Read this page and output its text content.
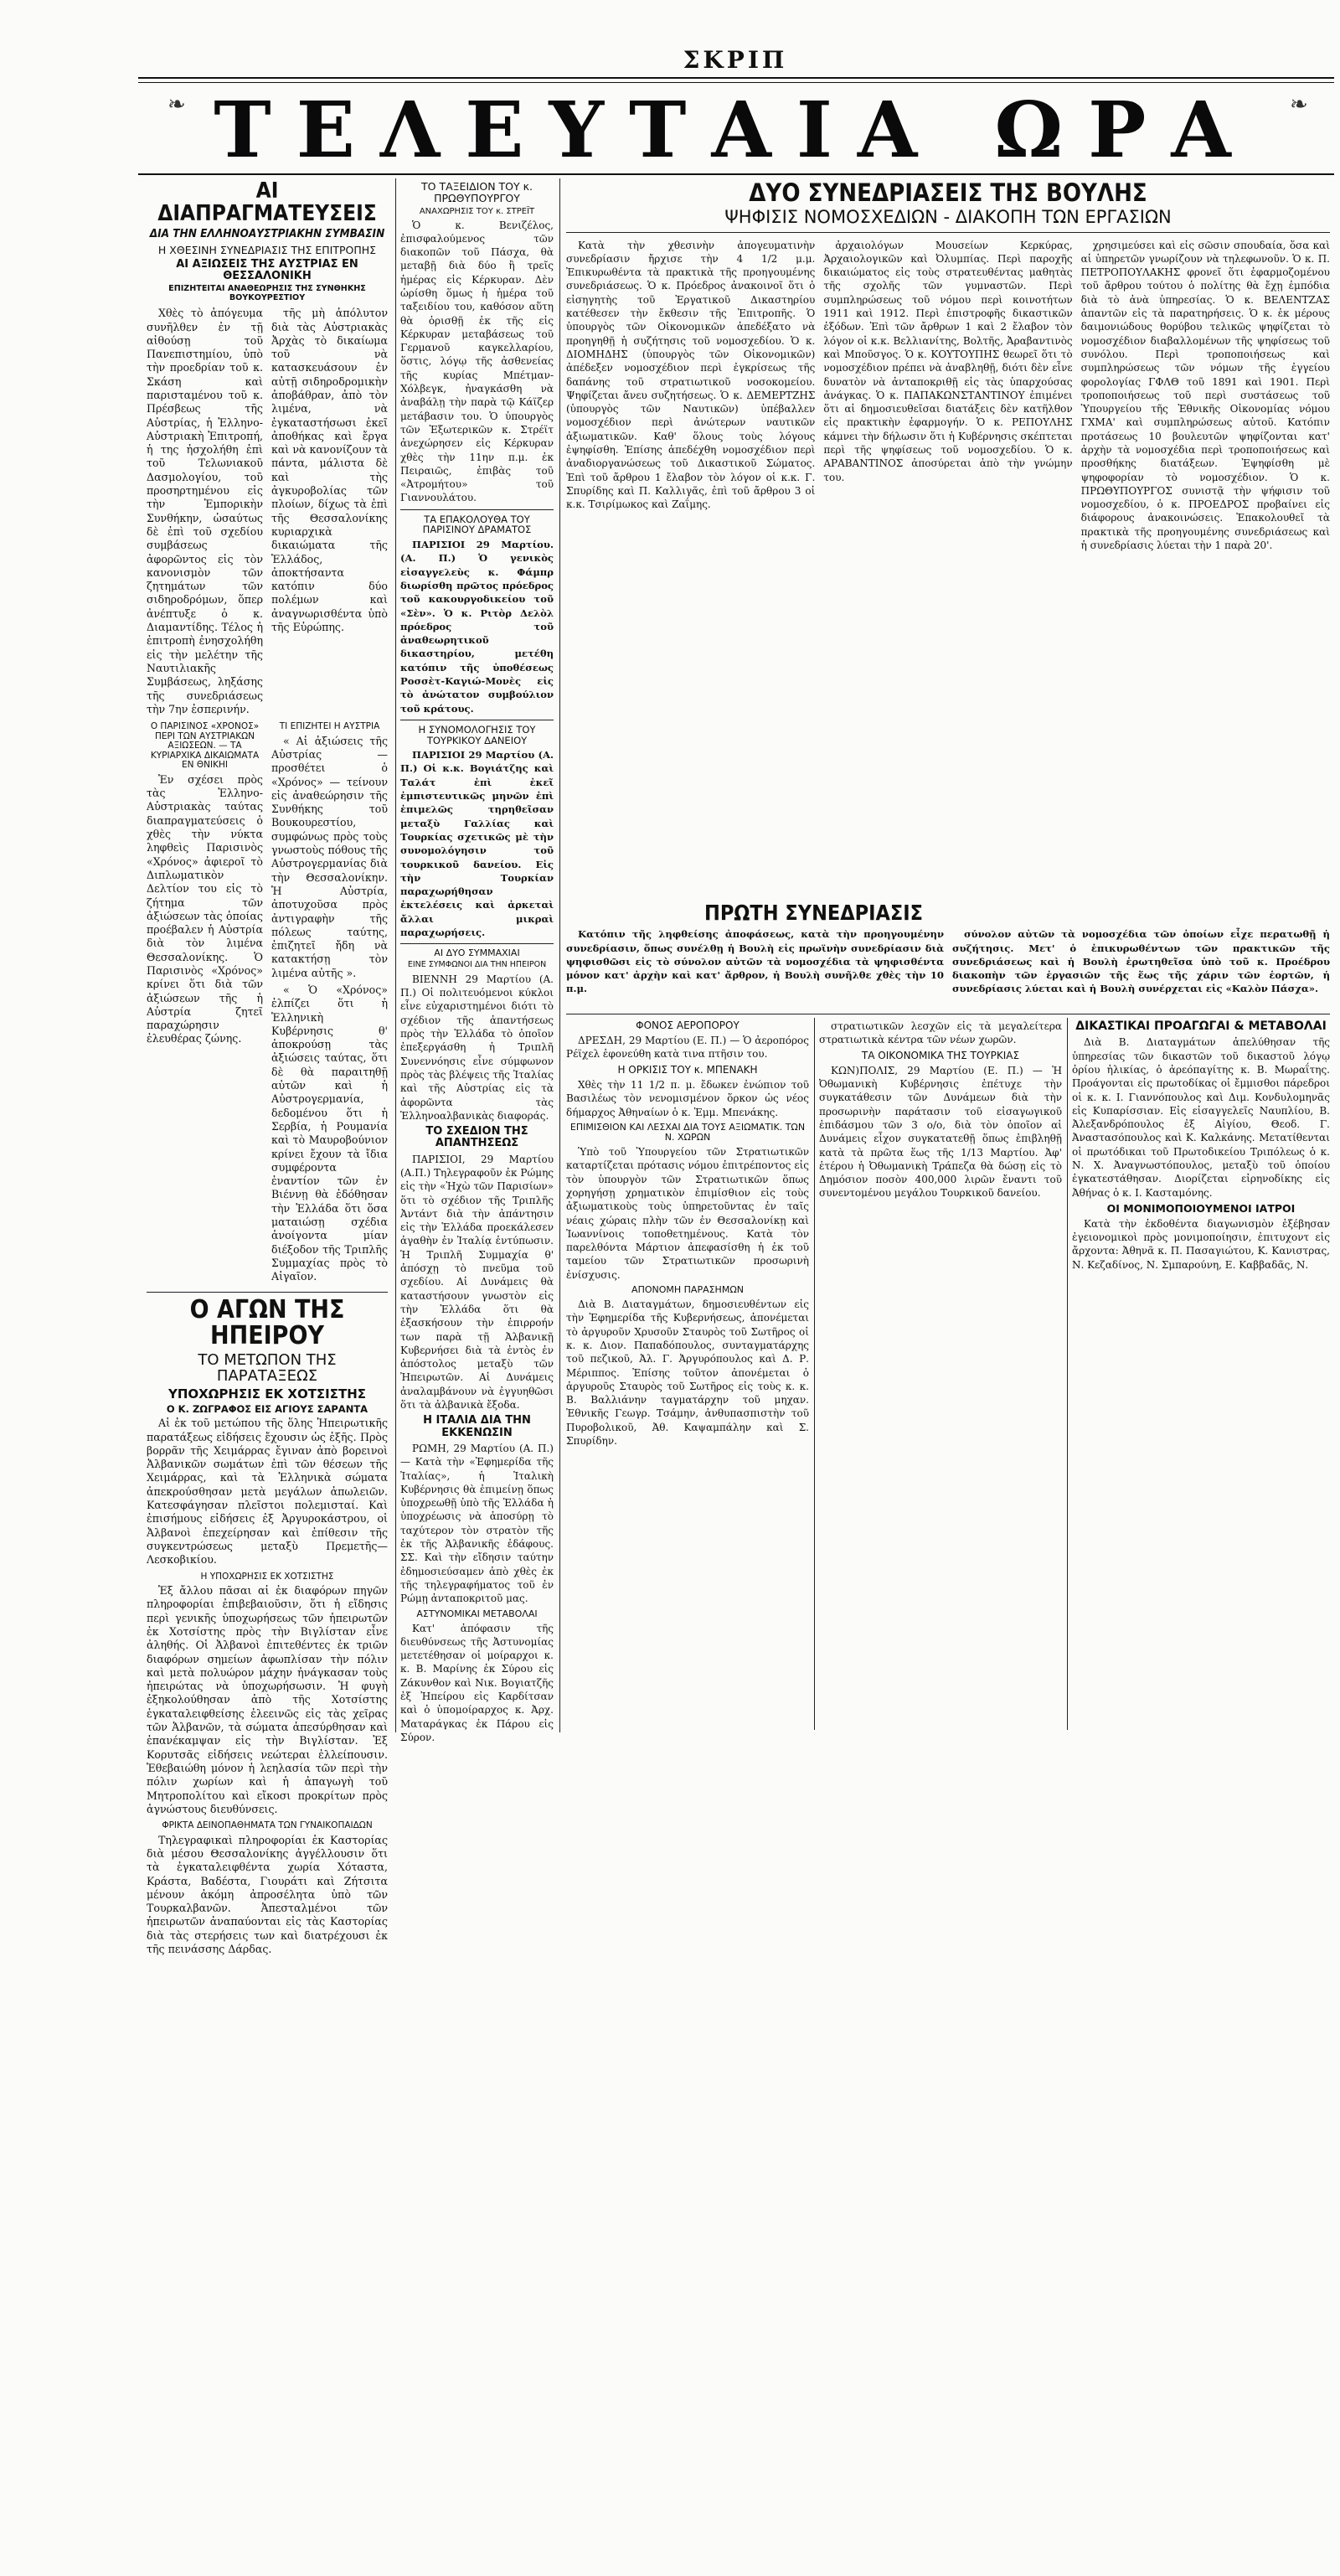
ΣΚΡΙΠ
❧ ΤΕΛΕΥΤΑΙΑ ΩΡΑ	❧
ΑΙ ΔΙΑΠΡΑΓΜΑΤΕΥΣΕΙΣ
ΔΙΑ ΤΗΝ ΕΛΛΗΝΟΑΥΣΤΡΙΑΚΗΝ ΣΥΜΒΑΣΙΝ
Η ΧΘΕΣΙΝΗ ΣΥΝΕΔΡΙΑΣΙΣ ΤΗΣ ΕΠΙΤΡΟΠΗΣ
ΑΙ ΑΞΙΩΣΕΙΣ ΤΗΣ ΑΥΣΤΡΙΑΣ ΕΝ ΘΕΣΣΑΛΟΝΙΚΗ
ΕΠΙΖΗΤΕΙΤΑΙ ΑΝΑΘΕΩΡΗΣΙΣ ΤΗΣ ΣΥΝΘΗΚΗΣ ΒΟΥΚΟΥΡΕΣΤΙΟΥ
Χθὲς τὸ ἀπόγευμα συνῆλθεν ἐν τῇ αἰθούσῃ τοῦ Πανεπιστημίου, ὑπὸ τὴν προεδρίαν τοῦ κ. Σκάση καὶ παρισταμένου τοῦ κ. Πρέσβεως τῆς Αὐστρίας, ἡ Ἑλληνο-Αὐστριακὴ Ἐπιτροπή, ἡ της ἠσχολήθη ἐπὶ τοῦ Τελωνιακοῦ Δασμολογίου, τοῦ προσηρτημένου εἰς τὴν Ἐμπορικὴν Συνθήκην, ὡσαύτως δὲ ἐπὶ τοῦ σχεδίου συμβάσεως ἀφορῶντος εἰς τὸν κανονισμὸν τῶν ζητημάτων τῶν σιδηροδρόμων, ὅπερ ἀνέπτυξε ὁ κ. Διαμαντίδης. Τέλος ἡ ἐπιτροπὴ ἐνησχολήθη εἰς τὴν μελέτην τῆς Ναυτιλιακῆς Συμβάσεως, ληξάσης τῆς συνεδριάσεως τὴν 7ην ἑσπερινήν.
τῆς μὴ ἀπόλυτον διὰ τὰς Αὐστριακὰς Ἀρχὰς τὸ δικαίωμα τοῦ νὰ κατασκευάσουν ἐν αὐτῇ σιδηροδρομικὴν ἀποβάθραν, ἀπὸ τὸν λιμένα, νὰ ἐγκαταστήσωσι ἐκεῖ ἀποθήκας καὶ ἔργα καὶ νὰ κανονίζουν τὰ πάντα, μάλιστα δὲ καὶ τὴς ἀγκυροβολίας τῶν πλοίων, δίχως τὰ ἐπὶ τῆς Θεσσαλονίκης κυριαρχικὰ δικαιώματα τῆς Ἑλλάδος, ἀποκτήσαντα κατόπιν δύο πολέμων καὶ ἀναγνωρισθέντα ὑπὸ τῆς Εὐρώπης.
Ο ΠΑΡΙΣΙΝΟΣ «ΧΡΟΝΟΣ» ΠΕΡΙ ΤΩΝ ΑΥΣΤΡΙΑΚΩΝ ΑΞΙΩΣΕΩΝ. — ΤΑ ΚΥΡΙΑΡΧΙΚΑ ΔΙΚΑΙΩΜΑΤΑ ΕΝ ΘΝΙΚΗΙ
Ἐν σχέσει πρὸς τὰς Ἑλληνο-Αὐστριακὰς ταύτας διαπραγματεύσεις ὁ χθὲς τὴν νύκτα ληφθεὶς Παρισινὸς «Χρόνος» ἀφιεροῖ τὸ Διπλωματικὸν Δελτίον του εἰς τὸ ζήτημα τῶν ἀξιώσεων τὰς ὁποίας προέβαλεν ἡ Αὐστρία διὰ τὸν λιμένα Θεσσαλονίκης. Ὁ Παρισινὸς «Χρόνος» κρίνει ὅτι διὰ τῶν ἀξιώσεων τῆς ἡ Αὐστρία ζητεῖ παραχώρησιν ἐλευθέρας ζώνης.
ΤΙ ΕΠΙΖΗΤΕΙ Η ΑΥΣΤΡΙΑ
« Αἱ ἀξιώσεις τῆς Αὐστρίας — προσθέτει ὁ «Χρόνος» — τείνουν εἰς ἀναθεώρησιν τῆς Συνθήκης τοῦ Βουκουρεστίου, συμφώνως πρὸς τοὺς γνωστοὺς πόθους τῆς Αὐστρογερμανίας διὰ τὴν Θεσσαλονίκην. Ἡ Αὐστρία, ἀποτυχοῦσα πρὸς ἀντιγραφὴν τῆς πόλεως ταύτης, ἐπιζητεῖ ἤδη νὰ κατακτήσῃ τὸν λιμένα αὐτῆς ».
« Ὁ «Χρόνος» ἐλπίζει ὅτι ἡ Ἑλληνικὴ Κυβέρνησις θ' ἀποκρούσῃ τὰς ἀξιώσεις ταύτας, ὅτι δὲ θὰ παραιτηθῇ αὐτῶν καὶ ἡ Αὐστρογερμανία, δεδομένου ὅτι ἡ Σερβία, ἡ Ρουμανία καὶ τὸ Μαυροβούνιον κρίνει ἔχουν τὰ ἴδια συμφέροντα ἐναντίον τῶν ἐν Βιέννῃ θὰ ἐδόθησαν τὴν Ἑλλάδα ὅτι ὅσα ματαιώσῃ σχέδια ἀνοίγοντα μίαν διέξοδον τῆς Τριπλῆς Συμμαχίας πρὸς τὸ Αἰγαῖον.
Ο ΑΓΩΝ ΤΗΣ ΗΠΕΙΡΟΥ
ΤΟ ΜΕΤΩΠΟΝ ΤΗΣ ΠΑΡΑΤΑΞΕΩΣ
ΥΠΟΧΩΡΗΣΙΣ ΕΚ ΧΟΤΣΙΣΤΗΣ
Ο Κ. ΖΩΓΡΑΦΟΣ ΕΙΣ ΑΓΙΟΥΣ ΣΑΡΑΝΤΑ
Αἱ ἐκ τοῦ μετώπου τῆς ὅλης Ἠπειρωτικῆς παρατάξεως εἰδήσεις ἔχουσιν ὡς ἑξῆς. Πρὸς βορρᾶν τῆς Χειμάρρας ἔγιναν ἀπὸ βορεινοὶ Ἀλβανικῶν σωμάτων ἐπὶ τῶν θέσεων τῆς Χειμάρρας, καὶ τὰ Ἑλληνικὰ σώματα ἀπεκρούσθησαν μετὰ μεγάλων ἀπωλειῶν. Κατεσφάγησαν πλεῖστοι πολεμισταί. Καὶ ἐπισήμους εἰδήσεις ἐξ Ἀργυροκάστρου, οἱ Ἀλβανοὶ ἐπεχείρησαν καὶ ἐπίθεσιν τῆς συγκεντρώσεως μεταξὺ Πρεμετῆς—Λεσκοβικίου.
Η ΥΠΟΧΩΡΗΣΙΣ ΕΚ ΧΟΤΣΙΣΤΗΣ
Ἐξ ἄλλου πᾶσαι αἱ ἐκ διαφόρων πηγῶν πληροφορίαι ἐπιβεβαιοῦσιν, ὅτι ἡ εἴδησις περὶ γενικῆς ὑποχωρήσεως τῶν ἠπειρωτῶν ἐκ Χοτσίστης πρὸς τὴν Βιγλίσταν εἶνε ἀληθής. Οἱ Ἀλβανοὶ ἐπιτεθέντες ἐκ τριῶν διαφόρων σημείων ἀφωπλίσαν τὴν πόλιν καὶ μετὰ πολυώρον μάχην ἠνάγκασαν τοὺς ἠπειρώτας νὰ ὑποχωρήσωσιν. Ἡ φυγὴ ἐξηκολούθησαν ἀπὸ τῆς Χοτσίστης ἐγκαταλειφθείσης ἐλεεινῶς εἰς τὰς χεῖρας τῶν Ἀλβανῶν, τὰ σώματα ἀπεσύρθησαν καὶ ἐπανέκαμψαν εἰς τὴν Βιγλίσταν. Ἐξ Κορυτσᾶς εἰδήσεις νεώτεραι ἐλλείπουσιν. Ἐθεβαιώθη μόνον ἡ λεηλασία τῶν περὶ τὴν πόλιν χωρίων καὶ ἡ ἀπαγωγὴ τοῦ Μητροπολίτου καὶ εἴκοσι προκρίτων πρὸς ἀγνώστους διευθύνσεις.
ΦΡΙΚΤΑ ΔΕΙΝΟΠΑΘΗΜΑΤΑ ΤΩΝ ΓΥΝΑΙΚΟΠΑΙΔΩΝ
Τηλεγραφικαὶ πληροφορίαι ἐκ Καστορίας διὰ μέσου Θεσσαλονίκης ἀγγέλλουσιν ὅτι τὰ ἐγκαταλειφθέντα χωρία Χόταστα, Κράστα, Βαδέστα, Γιουράτι καὶ Ζήτσιτα μένουν ἀκόμη ἀπροσέλητα ὑπὸ τῶν Τουρκαλβανῶν. Ἀπεσταλμένοι τῶν ἠπειρωτῶν ἀναπαύονται εἰς τὰς Καστορίας διὰ τὰς στερήσεις των καὶ διατρέχουσι ἐκ τῆς πεινάσσης Δάρδας.
ΤΟ ΤΑΞΕΙΔΙΟΝ ΤΟΥ κ. ΠΡΩΘΥΠΟΥΡΓΟΥ
ΑΝΑΧΩΡΗΣΙΣ ΤΟΥ κ. ΣΤΡΕΪΤ
Ὁ κ. Βενιζέλος, ἐπισφαλούμενος τῶν διακοπῶν τοῦ Πάσχα, θὰ μεταβῇ διὰ δύο ἢ τρεῖς ἡμέρας εἰς Κέρκυραν. Δὲν ὡρίσθη ὅμως ἡ ἡμέρα τοῦ ταξειδίου του, καθόσον αὕτη θὰ ὁρισθῇ ἐκ τῆς εἰς Κέρκυραν μεταβάσεως τοῦ Γερμανοῦ καγκελλαρίου, ὅστις, λόγῳ τῆς ἀσθενείας τῆς κυρίας Μπέτμαν-Χόλβεγκ, ἠναγκάσθη νὰ ἀναβάλῃ τὴν παρὰ τῷ Κάϊζερ μετάβασιν του. Ὁ ὑπουργὸς τῶν Ἐξωτερικῶν κ. Στρέϊτ ἀνεχώρησεν εἰς Κέρκυραν χθὲς τὴν 11ην π.μ. ἐκ Πειραιῶς, ἐπιβὰς τοῦ «Ἀτρομήτου» τοῦ Γιαννουλάτου.
ΤΑ ΕΠΑΚΟΛΟΥΘΑ ΤΟΥ ΠΑΡΙΣΙΝΟΥ ΔΡΑΜΑΤΟΣ
ΠΑΡΙΣΙΟΙ 29 Μαρτίου. (Α. Π.) Ὁ γενικὸς εἰσαγγελεὺς κ. Φάμπρ διωρίσθη πρῶτος πρόεδρος τοῦ κακουργοδικείου τοῦ «Σὲν». Ὁ κ. Ριτὸρ Δελὸλ πρόεδρος τοῦ ἀναθεωρητικοῦ δικαστηρίου, μετέθη κατόπιν τῆς ὑποθέσεως Ροσσὲτ-Καγιώ-Μονὲς εἰς τὸ ἀνώτατον συμβούλιον τοῦ κράτους.
Η ΣΥΝΟΜΟΛΟΓΗΣΙΣ ΤΟΥ ΤΟΥΡΚΙΚΟΥ ΔΑΝΕΙΟΥ
ΠΑΡΙΣΙΟΙ 29 Μαρτίου (Α. Π.) Οἱ κ.κ. Βογιάτζης καὶ Ταλάτ ἐπὶ ἐκεῖ ἐμπιστευτικῶς μηνῶν ἐπὶ ἐπιμελῶς τηρηθεῖσαν μεταξὺ Γαλλίας καὶ Τουρκίας σχετικῶς μὲ τὴν συνομολόγησιν τοῦ τουρκικοῦ δανείου. Εἰς τὴν Τουρκίαν παραχωρήθησαν ἐκτελέσεις καὶ ἀρκεταὶ ἄλλαι μικραὶ παραχωρήσεις.
ΑΙ ΔΥΟ ΣΥΜΜΑΧΙΑΙ
ΕΙΝΕ ΣΥΜΦΩΝΟΙ ΔΙΑ ΤΗΝ ΗΠΕΙΡΟΝ
ΒΙΕΝΝΗ 29 Μαρτίου (Α. Π.) Οἱ πολιτευόμενοι κύκλοι εἶνε εὐχαριστημένοι διότι τὸ σχέδιον τῆς ἀπαντήσεως πρὸς τὴν Ἑλλάδα τὸ ὁποῖον ἐπεξεργάσθη ἡ Τριπλῆ Συνεννόησις εἶνε σύμφωνον πρὸς τὰς βλέψεις τῆς Ἰταλίας καὶ τῆς Αὐστρίας εἰς τὰ ἀφορῶντα τὰς Ἑλληνοαλβανικὰς διαφοράς.
ΤΟ ΣΧΕΔΙΟΝ ΤΗΣ ΑΠΑΝΤΗΣΕΩΣ
ΠΑΡΙΣΙΟΙ, 29 Μαρτίου (Α.Π.) Τηλεγραφοῦν ἐκ Ρώμης εἰς τὴν «Ἠχὼ τῶν Παρισίων» ὅτι τὸ σχέδιον τῆς Τριπλῆς Ἀντάντ διὰ τὴν ἀπάντησιν εἰς τὴν Ἑλλάδα προεκάλεσεν ἀγαθὴν ἐν Ἰταλίᾳ ἐντύπωσιν. Ἡ Τριπλῆ Συμμαχία θ' ἀπόσχῃ τὸ πνεῦμα τοῦ σχεδίου. Αἱ Δυνάμεις θὰ καταστήσουν γνωστὸν εἰς τὴν Ἑλλάδα ὅτι θὰ ἐξασκήσουν τὴν ἐπιρροήν των παρὰ τῇ Ἀλβανικῇ Κυβερνήσει διὰ τὰ ἐντὸς ἐν ἀπόστολος μεταξὺ τῶν Ἠπειρωτῶν. Αἱ Δυνάμεις ἀναλαμβάνουν νὰ ἐγγυηθῶσι ὅτι τὰ ἀλβανικὰ ἔξοδα.
Η ΙΤΑΛΙΑ ΔΙΑ ΤΗΝ ΕΚΚΕΝΩΣΙΝ
ΡΩΜΗ, 29 Μαρτίου (Α. Π.) — Κατὰ τὴν «Ἐφημερίδα τῆς Ἰταλίας», ἡ Ἰταλικὴ Κυβέρνησις θὰ ἐπιμείνῃ ὅπως ὑποχρεωθῇ ὑπὸ τῆς Ἑλλάδα ἡ ὑποχρέωσις νὰ ἀποσύρῃ τὸ ταχύτερον τὸν στρατὸν τῆς ἐκ τῆς Ἀλβανικῆς ἐδάφους. ΣΣ. Καὶ τὴν εἴδησιν ταύτην ἐδημοσιεύσαμεν ἀπὸ χθὲς ἐκ τῆς τηλεγραφήματος τοῦ ἐν Ρώμῃ ἀνταποκριτοῦ μας.
ΑΣΤΥΝΟΜΙΚΑΙ ΜΕΤΑΒΟΛΑΙ
Κατ' ἀπόφασιν τῆς διευθύνσεως τῆς Ἀστυνομίας μετετέθησαν οἱ μοίραρχοι κ. κ. Β. Μαρίνης ἐκ Σύρου εἰς Ζάκυνθον καὶ Νικ. Βογιατζῆς ἐξ Ἠπείρου εἰς Καρδίτσαν καὶ ὁ ὑπομοίραρχος κ. Ἀρχ. Ματαράγκας ἐκ Πάρου εἰς Σύρον.
ΔΥΟ ΣΥΝΕΔΡΙΑΣΕΙΣ ΤΗΣ ΒΟΥΛΗΣ
ΨΗΦΙΣΙΣ ΝΟΜΟΣΧΕΔΙΩΝ - ΔΙΑΚΟΠΗ ΤΩΝ ΕΡΓΑΣΙΩΝ
Κατὰ τὴν χθεσινὴν ἀπογευματινὴν συνεδρίασιν ἤρχισε τὴν 4 1/2 μ.μ. Ἐπικυρωθέντα τὰ πρακτικὰ τῆς προηγουμένης συνεδριάσεως. Ὁ κ. Πρόεδρος ἀνακοινοῖ ὅτι ὁ εἰσηγητὴς τοῦ Ἐργατικοῦ Δικαστηρίου κατέθεσεν τὴν ἔκθεσιν τῆς Ἐπιτροπῆς. Ὁ ὑπουργὸς τῶν Οἰκονομικῶν ἀπεδέξατο νὰ προηγηθῇ ἡ συζήτησις τοῦ νομοσχεδίου. Ὁ κ. ΔΙΟΜΗΔΗΣ (ὑπουργὸς τῶν Οἰκονομικῶν) ἀπέδεξεν νομοσχέδιον περὶ ἐγκρίσεως τῆς δαπάνης τοῦ στρατιωτικοῦ νοσοκομείου. Ψηφίζεται ἄνευ συζητήσεως. Ὁ κ. ΔΕΜΕΡΤΖΗΣ (ὑπουργὸς τῶν Ναυτικῶν) ὑπέβαλλεν νομοσχέδιον περὶ ἀνώτερων ναυτικῶν ἀξιωματικῶν. Καθ' ὅλους τοὺς λόγους ἐψηφίσθη. Ἐπίσης ἀπεδέχθη νομοσχέδιον περὶ ἀναδιοργανώσεως τοῦ Δικαστικοῦ Σώματος. Ἐπὶ τοῦ ἄρθρου 1 ἔλαβον τὸν λόγον οἱ κ.κ. Γ. Σπυρίδης καὶ Π. Καλλιγᾶς, ἐπὶ τοῦ ἄρθρου 3 οἱ κ.κ. Τσιρίμωκος καὶ Ζαΐμης.
ἀρχαιολόγων Μουσείων Κερκύρας, Ἀρχαιολογικῶν καὶ Ὀλυμπίας. Περὶ παροχῆς δικαιώματος εἰς τοὺς στρατευθέντας μαθητὰς τῆς σχολῆς τῶν γυμναστῶν. Περὶ συμπληρώσεως τοῦ νόμου περὶ κοινοτήτων 1911 καὶ 1912. Περὶ ἐπιστροφῆς δικαστικῶν ἐξόδων. Ἐπὶ τῶν ἄρθρων 1 καὶ 2 ἔλαβον τὸν λόγον οἱ κ.κ. Βελλιανίτης, Βολτῆς, Ἀραβαντινὸς καὶ Μποῦσγος. Ὁ κ. ΚΟΥΤΟΥΠΗΣ θεωρεῖ ὅτι τὸ νομοσχέδιον πρέπει νὰ ἀναβληθῇ, διότι δὲν εἶνε δυνατὸν νὰ ἀνταποκριθῇ εἰς τὰς ὑπαρχούσας ἀνάγκας. Ὁ κ. ΠΑΠΑΚΩΝΣΤΑΝΤΙΝΟΥ ἐπιμένει ὅτι αἱ δημοσιευθεῖσαι διατάξεις δὲν κατῆλθον εἰς πρακτικὴν ἐφαρμογήν. Ὁ κ. ΡΕΠΟΥΛΗΣ κάμνει τὴν δήλωσιν ὅτι ἡ Κυβέρνησις σκέπτεται περὶ τῆς ψηφίσεως τοῦ νομοσχεδίου. Ὁ κ. ΑΡΑΒΑΝΤΙΝΟΣ ἀποσύρεται ἀπὸ τὴν γνώμην του.
χρησιμεύσει καὶ εἰς σῶσιν σπουδαία, ὅσα καὶ αἱ ὑπηρετῶν γνωρίζουν νὰ τηλεφωνοῦν. Ὁ κ. Π. ΠΕΤΡΟΠΟΥΛΑΚΗΣ φρονεῖ ὅτι ἐφαρμοζομένου τοῦ ἄρθρου τούτου ὁ πολίτης θὰ ἔχῃ ἐμπόδια διὰ τὸ ἀνὰ ὑπηρεσίας. Ὁ κ. ΒΕΛΕΝΤΖΑΣ ἀπαντῶν εἰς τὰ παρατηρήσεις. Ὁ κ. ἐκ μέρους δαιμονιώδους θορύβου τελικῶς ψηφίζεται τὸ νομοσχέδιον διαβαλλομένων τῆς ψηφίσεως τοῦ συνόλου. Περὶ τροποποιήσεως καὶ συμπληρώσεως τῶν νόμων τῆς ἐγγείου φορολογίας ΓΦΛΘ τοῦ 1891 καὶ 1901. Περὶ τροποποιήσεως τοῦ περὶ συστάσεως τοῦ Ὑπουργείου τῆς Ἐθνικῆς Οἰκονομίας νόμου ΓΧΜΑ' καὶ συμπληρώσεως αὐτοῦ. Κατόπιν προτάσεως 10 βουλευτῶν ψηφίζονται κατ' ἀρχὴν τὰ νομοσχέδια περὶ τροποποιήσεως καὶ προσθήκης διατάξεων. Ἐψηφίσθη μὲ ψηφοφορίαν τὸ νομοσχέδιον. Ὁ κ. ΠΡΩΘΥΠΟΥΡΓΟΣ συνιστᾷ τὴν ψήφισιν τοῦ νομοσχεδίου, ὁ κ. ΠΡΟΕΔΡΟΣ προβαίνει εἰς διάφορους ἀνακοινώσεις. Ἐπακολουθεῖ τὰ πρακτικὰ τῆς προηγουμένης συνεδριάσεως καὶ ἡ συνεδρίασις λύεται τὴν 1 παρὰ 20'.
ΠΡΩΤΗ ΣΥΝΕΔΡΙΑΣΙΣ
Κατόπιν τῆς ληφθείσης ἀποφάσεως, κατὰ τὴν προηγουμένην συνεδρίασιν, ὅπως συνέλθῃ ἡ Βουλὴ εἰς πρωϊνὴν συνεδρίασιν διὰ ψηφισθῶσι εἰς τὸ σύνολον αὐτῶν τὰ νομοσχέδια τὰ ψηφισθέντα μόνον κατ' ἀρχὴν καὶ κατ' ἄρθρον, ἡ Βουλὴ συνῆλθε χθὲς τὴν 10 π.μ.
σύνολον αὐτῶν τὰ νομοσχέδια τῶν ὁποίων εἶχε περατωθῇ ἡ συζήτησις. Μετ' ὁ ἐπικυρωθέντων τῶν πρακτικῶν τῆς συνεδριάσεως καὶ ἡ Βουλὴ ἐρωτηθεῖσα ὑπὸ τοῦ κ. Προέδρου διακοπὴν τῶν ἐργασιῶν τῆς ἕως τῆς χάριν τῶν ἑορτῶν, ἡ συνεδρίασις λύεται καὶ ἡ Βουλὴ συνέρχεται εἰς «Καλὸν Πάσχα».
ΦΟΝΟΣ ΑΕΡΟΠΟΡΟΥ
ΔΡΕΣΔΗ, 29 Μαρτίου (Ε. Π.) — Ὁ ἀεροπόρος Ρέϊχελ ἐφονεύθη κατὰ τινα πτῆσιν του.
Η ΟΡΚΙΣΙΣ ΤΟΥ κ. ΜΠΕΝΑΚΗ
Χθὲς τὴν 11 1/2 π. μ. ἔδωκεν ἐνώπιον τοῦ Βασιλέως τὸν νενομισμένον ὅρκον ὡς νέος δήμαρχος Ἀθηναίων ὁ κ. Ἐμμ. Μπενάκης.
ΕΠΙΜΙΣΘΙΟΝ ΚΑΙ ΛΕΣΧΑΙ ΔΙΑ ΤΟΥΣ ΑΞΙΩΜΑΤΙΚ. ΤΩΝ Ν. ΧΩΡΩΝ
Ὑπὸ τοῦ Ὑπουργείου τῶν Στρατιωτικῶν καταρτίζεται πρότασις νόμου ἐπιτρέποντος εἰς τὸν ὑπουργὸν τῶν Στρατιωτικῶν ὅπως χορηγήσῃ χρηματικὸν ἐπιμίσθιον εἰς τοὺς ἀξιωματικοὺς τοὺς ὑπηρετοῦντας ἐν ταῖς νέαις χώραις πλὴν τῶν ἐν Θεσσαλονίκῃ καὶ Ἰωαννίνοις τοποθετημένους. Κατὰ τὸν παρελθόντα Μάρτιον ἀπεφασίσθη ἡ ἐκ τοῦ ταμείου τῶν Στρατιωτικῶν προσωρινὴ ἐνίσχυσις.
ΑΠΟΝΟΜΗ ΠΑΡΑΣΗΜΩΝ
Διὰ Β. Διαταγμάτων, δημοσιευθέντων εἰς τὴν Ἐφημερίδα τῆς Κυβερνήσεως, ἀπονέμεται τὸ ἀργυροῦν Χρυσοῦν Σταυρὸς τοῦ Σωτῆρος οἱ κ. κ. Διον. Παπαδόπουλος, συνταγματάρχης τοῦ πεζικοῦ, Ἀλ. Γ. Ἀργυρόπουλος καὶ Δ. Ρ. Μέριππος. Ἐπίσης τοῦτον ἀπονέμεται ὁ ἀργυροῦς Σταυρὸς τοῦ Σωτῆρος εἰς τοὺς κ. κ. Β. Βαλλιάνην ταγματάρχην τοῦ μηχαν. Ἐθνικῆς Γεωγρ. Τσάμην, ἀνθυπασπιστὴν τοῦ Πυροβολικοῦ, Ἀθ. Καψαμπάλην καὶ Σ. Σπυρίδην.
στρατιωτικῶν λεσχῶν εἰς τὰ μεγαλείτερα στρατιωτικὰ κέντρα τῶν νέων χωρῶν.
ΤΑ ΟΙΚΟΝΟΜΙΚΑ ΤΗΣ ΤΟΥΡΚΙΑΣ
ΚΩΝ)ΠΟΛΙΣ, 29 Μαρτίου (Ε. Π.) — Ἡ Ὀθωμανικὴ Κυβέρνησις ἐπέτυχε τὴν συγκατάθεσιν τῶν Δυνάμεων διὰ τὴν προσωρινὴν παράτασιν τοῦ εἰσαγωγικοῦ ἐπιδάσμου τῶν 3 ο/ο, διὰ τὸν ὁποῖον αἱ Δυνάμεις εἶχον συγκατατεθῇ ὅπως ἐπιβληθῇ κατὰ τὰ πρῶτα ἕως τῆς 1/13 Μαρτίου. Ἀφ' ἑτέρου ἡ Ὀθωμανικὴ Τράπεζα θὰ δώσῃ εἰς τὸ Δημόσιον ποσὸν 400,000 λιρῶν ἔναντι τοῦ συνεντομένου μεγάλου Τουρκικοῦ δανείου.
ΔΙΚΑΣΤΙΚΑΙ ΠΡΟΑΓΩΓΑΙ & ΜΕΤΑΒΟΛΑΙ
Διὰ Β. Διαταγμάτων ἀπελύθησαν τῆς ὑπηρεσίας τῶν δικαστῶν τοῦ δικαστοῦ λόγῳ ὁρίου ἡλικίας, ὁ ἀρεόπαγίτης κ. Β. Μωραΐτης. Προάγονται εἰς πρωτοδίκας οἱ ἔμμισθοι πάρεδροι οἱ κ. κ. Ι. Γιαννόπουλος καὶ Διμ. Κονδυλομηνᾶς εἰς Κυπαρίσσιαν. Εἰς εἰσαγγελεῖς Ναυπλίου, Β. Ἀλεξανδρόπουλος ἐξ Αἰγίου, Θεοδ. Γ. Ἀναστασόπουλος καὶ Κ. Καλκάνης. Μετατίθενται οἱ πρωτόδικαι τοῦ Πρωτοδικείου Τριπόλεως ὁ κ. Ν. Χ. Ἀναγνωστόπουλος, μεταξὺ τοῦ ὁποίου ἐγκατεστάθησαν. Διορίζεται εἰρηνοδίκης εἰς Ἀθήνας ὁ κ. Ι. Κασταμόνης.
ΟΙ ΜΟΝΙΜΟΠΟΙΟΥΜΕΝΟΙ ΙΑΤΡΟΙ
Κατὰ τὴν ἐκδοθέντα διαγωνισμὸν ἐξέβησαν ἐγειονομικοὶ πρὸς μονιμοποίησιν, ἐπιτυχοντ εἰς ἄρχοντα: Ἀθηνᾶ κ. Π. Πασαγιώτου, Κ. Κανιστρας, Ν. Κεζαδίνος, Ν. Σμπαρούνη, Ε. Καββαδᾶς, Ν.
